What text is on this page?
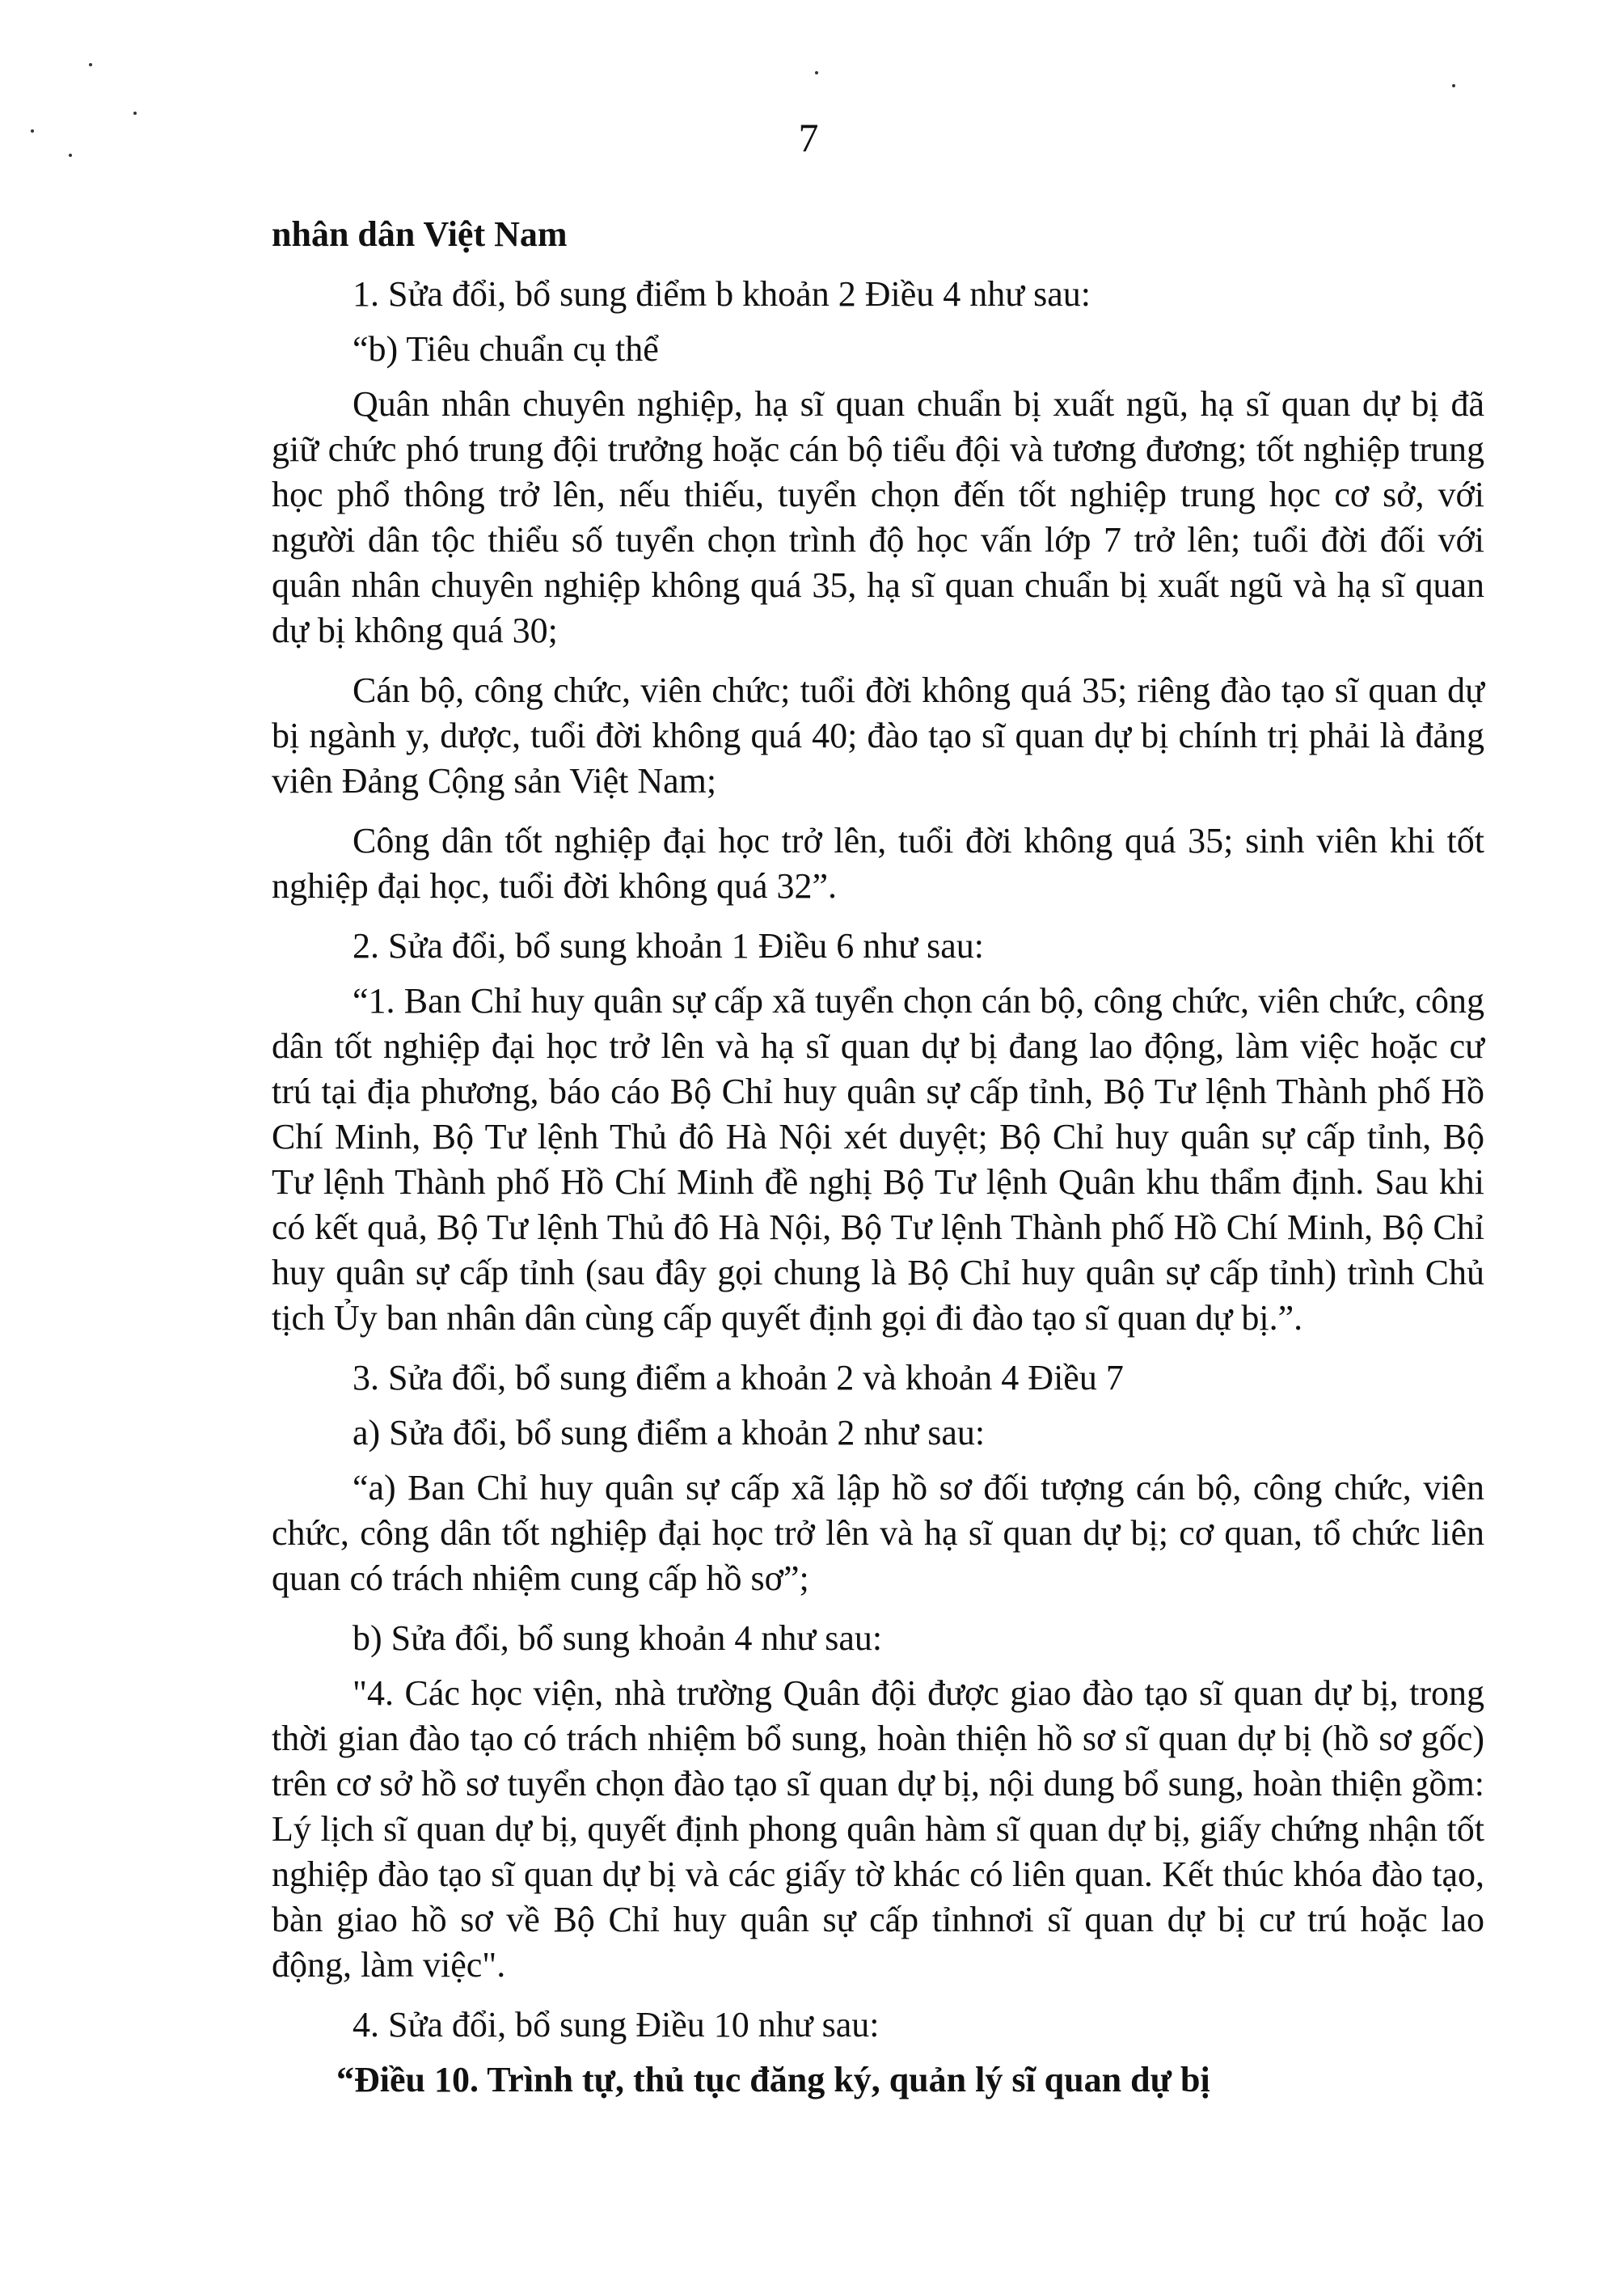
7

nhân dân Việt Nam

1. Sửa đổi, bổ sung điểm b khoản 2 Điều 4 như sau:

“b) Tiêu chuẩn cụ thể

Quân nhân chuyên nghiệp, hạ sĩ quan chuẩn bị xuất ngũ, hạ sĩ quan dự bị đã giữ chức phó trung đội trưởng hoặc cán bộ tiểu đội và tương đương; tốt nghiệp trung học phổ thông trở lên, nếu thiếu, tuyển chọn đến tốt nghiệp trung học cơ sở, với người dân tộc thiểu số tuyển chọn trình độ học vấn lớp 7 trở lên; tuổi đời đối với quân nhân chuyên nghiệp không quá 35, hạ sĩ quan chuẩn bị xuất ngũ và hạ sĩ quan dự bị không quá 30;

Cán bộ, công chức, viên chức; tuổi đời không quá 35; riêng đào tạo sĩ quan dự bị ngành y, dược, tuổi đời không quá 40; đào tạo sĩ quan dự bị chính trị phải là đảng viên Đảng Cộng sản Việt Nam;

Công dân tốt nghiệp đại học trở lên, tuổi đời không quá 35; sinh viên khi tốt nghiệp đại học, tuổi đời không quá 32”.

2. Sửa đổi, bổ sung khoản 1 Điều 6 như sau:

“1. Ban Chỉ huy quân sự cấp xã tuyển chọn cán bộ, công chức, viên chức, công dân tốt nghiệp đại học trở lên và hạ sĩ quan dự bị đang lao động, làm việc hoặc cư trú tại địa phương, báo cáo Bộ Chỉ huy quân sự cấp tỉnh, Bộ Tư lệnh Thành phố Hồ Chí Minh, Bộ Tư lệnh Thủ đô Hà Nội xét duyệt; Bộ Chỉ huy quân sự cấp tỉnh, Bộ Tư lệnh Thành phố Hồ Chí Minh đề nghị Bộ Tư lệnh Quân khu thẩm định. Sau khi có kết quả, Bộ Tư lệnh Thủ đô Hà Nội, Bộ Tư lệnh Thành phố Hồ Chí Minh, Bộ Chỉ huy quân sự cấp tỉnh (sau đây gọi chung là Bộ Chỉ huy quân sự cấp tỉnh) trình Chủ tịch Ủy ban nhân dân cùng cấp quyết định gọi đi đào tạo sĩ quan dự bị.”.

3. Sửa đổi, bổ sung điểm a khoản 2 và khoản 4 Điều 7

a) Sửa đổi, bổ sung điểm a khoản 2 như sau:

“a) Ban Chỉ huy quân sự cấp xã lập hồ sơ đối tượng cán bộ, công chức, viên chức, công dân tốt nghiệp đại học trở lên và hạ sĩ quan dự bị; cơ quan, tổ chức liên quan có trách nhiệm cung cấp hồ sơ”;

b) Sửa đổi, bổ sung khoản 4 như sau:

"4. Các học viện, nhà trường Quân đội được giao đào tạo sĩ quan dự bị, trong thời gian đào tạo có trách nhiệm bổ sung, hoàn thiện hồ sơ sĩ quan dự bị (hồ sơ gốc) trên cơ sở hồ sơ tuyển chọn đào tạo sĩ quan dự bị, nội dung bổ sung, hoàn thiện gồm: Lý lịch sĩ quan dự bị, quyết định phong quân hàm sĩ quan dự bị, giấy chứng nhận tốt nghiệp đào tạo sĩ quan dự bị và các giấy tờ khác có liên quan. Kết thúc khóa đào tạo, bàn giao hồ sơ về Bộ Chỉ huy quân sự cấp tỉnhnơi sĩ quan dự bị cư trú hoặc lao động, làm việc".

4. Sửa đổi, bổ sung Điều 10 như sau:

“Điều 10. Trình tự, thủ tục đăng ký, quản lý sĩ quan dự bị
